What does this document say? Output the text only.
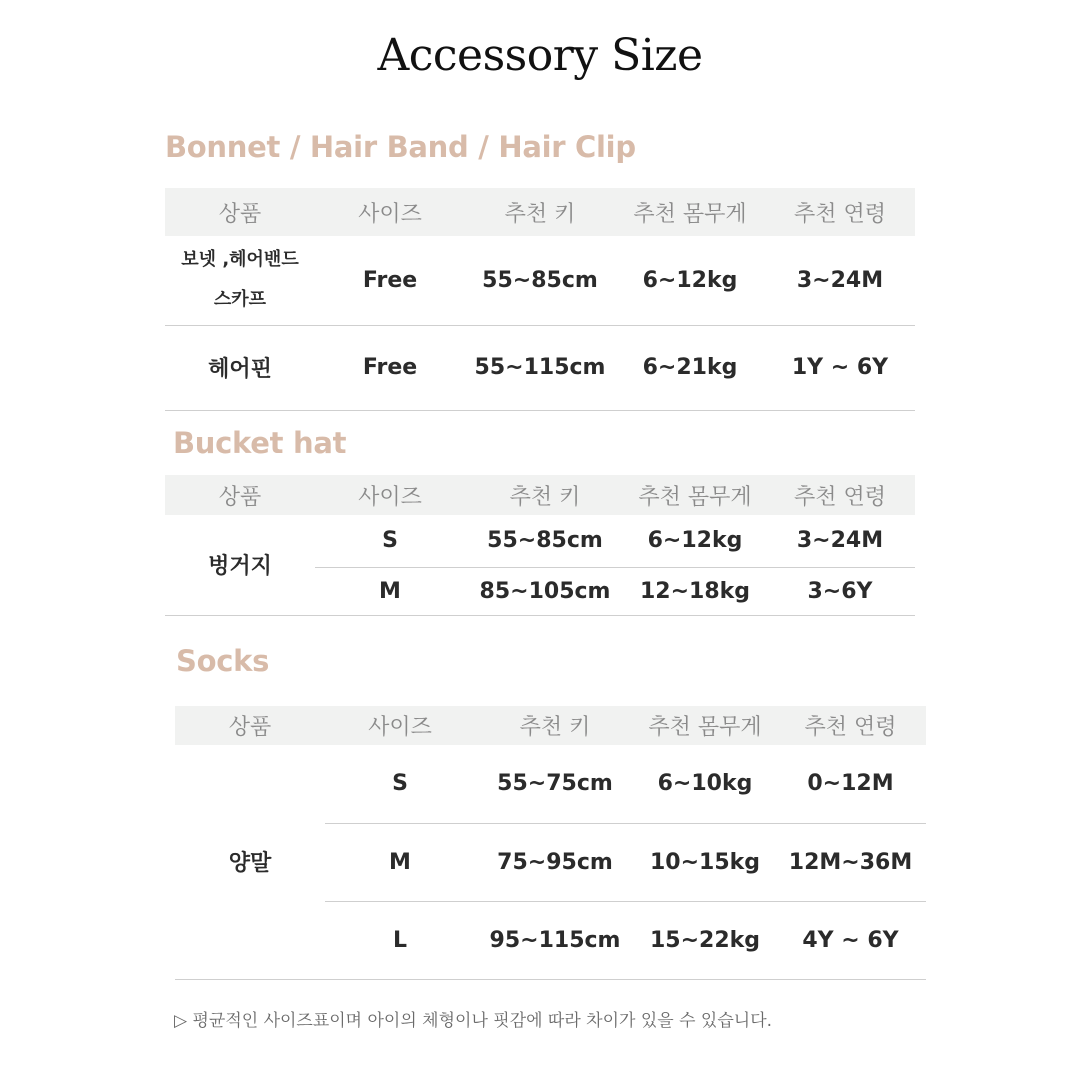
Accessory Size
Bonnet / Hair Band / Hair Clip
상품	사이즈	추천 키	추천 몸무게	추천 연령

보넷 ,헤어밴드
스카프	Free	55~85cm	6~12kg	3~24M
헤어핀	Free	55~115cm	6~21kg	1Y ~ 6Y
Bucket hat
상품	사이즈	추천 키	추천 몸무게	추천 연령
벙거지	S	55~85cm	6~12kg	3~24M
	M	85~105cm	12~18kg	3~6Y
Socks
상품	사이즈	추천 키	추천 몸무게	추천 연령
양말	S	55~75cm	6~10kg	0~12M
	M	75~95cm	10~15kg	12M~36M
	L	95~115cm	15~22kg	4Y ~ 6Y
▷ 평균적인 사이즈표이며 아이의 체형이나 핏감에 따라 차이가 있을 수 있습니다.
